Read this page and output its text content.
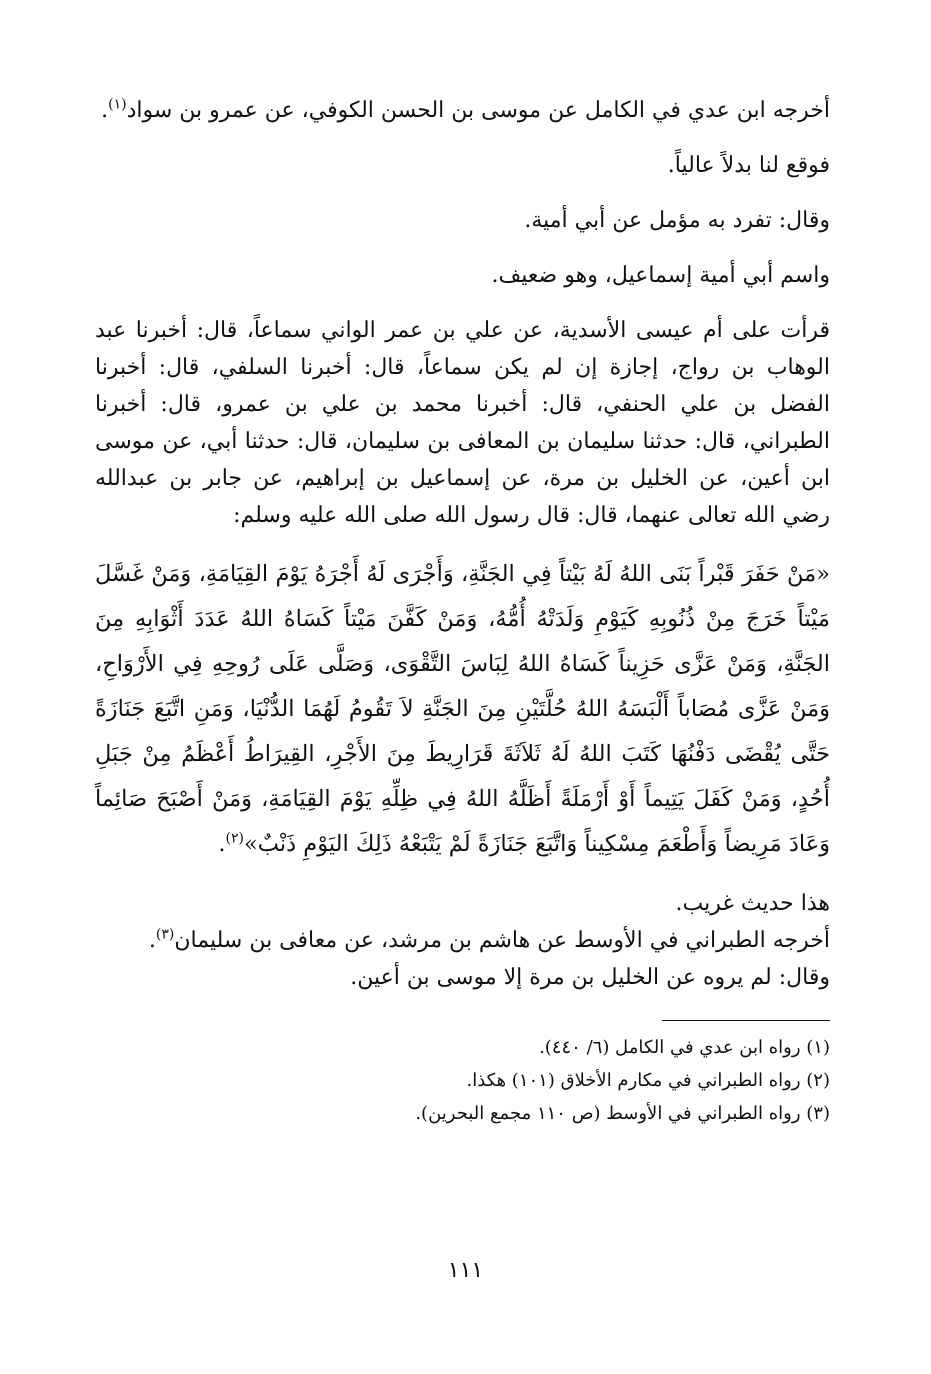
أخرجه ابن عدي في الكامل عن موسى بن الحسن الكوفي، عن عمرو بن سواد$^{(١)}$.

فوقع لنا بدلاً عالياً.

وقال: تفرد به مؤمل عن أبي أمية.

واسم أبي أمية إسماعيل، وهو ضعيف.

قرأت على أم عيسى الأسدية، عن علي بن عمر الواني سماعاً، قال: أخبرنا عبد الوهاب بن رواج، إجازة إن لم يكن سماعاً، قال: أخبرنا السلفي، قال: أخبرنا الفضل بن علي الحنفي، قال: أخبرنا محمد بن علي بن عمرو، قال: أخبرنا الطبراني، قال: حدثنا سليمان بن المعافى بن سليمان، قال: حدثنا أبي، عن موسى ابن أعين، عن الخليل بن مرة، عن إسماعيل بن إبراهيم، عن جابر بن عبدالله رضي الله تعالى عنهما، قال: قال رسول الله صلى الله عليه وسلم:

«مَنْ حَفَرَ قَبْراً بَنَى اللهُ لَهُ بَيْتاً فِي الجَنَّةِ، وَأَجْرَى لَهُ أَجْرَهُ يَوْمَ القِيَامَةِ، وَمَنْ غَسَّلَ مَيْتاً خَرَجَ مِنْ ذُنُوبِهِ كَيَوْمِ وَلَدَتْهُ أُمُّهُ، وَمَنْ كَفَّنَ مَيْتاً كَسَاهُ اللهُ عَدَدَ أَثْوَابِهِ مِنَ الجَنَّةِ، وَمَنْ عَزَّى حَزِيناً كَسَاهُ اللهُ لِبَاسَ التَّقْوَى، وَصَلَّى عَلَى رُوحِهِ فِي الأَرْوَاحِ، وَمَنْ عَزَّى مُصَاباً أَلْبَسَهُ اللهُ حُلَّتَيْنِ مِنَ الجَنَّةِ لاَ تَقُومُ لَهُمَا الدُّنْيَا، وَمَنِ اتَّبَعَ جَنَازَةً حَتَّى يُقْضَى دَفْنُهَا كَتَبَ اللهُ لَهُ ثَلاَثَةَ قَرَارِيطَ مِنَ الأَجْرِ، القِيرَاطُ أَعْظَمُ مِنْ جَبَلِ أُحُدٍ، وَمَنْ كَفَلَ يَتِيماً أَوْ أَرْمَلَةً أَظَلَّهُ اللهُ فِي ظِلِّهِ يَوْمَ القِيَامَةِ، وَمَنْ أَصْبَحَ صَائِماً وَعَادَ مَرِيضاً وَأَطْعَمَ مِسْكِيناً وَاتَّبَعَ جَنَازَةً لَمْ يَتْبَعْهُ ذَلِكَ اليَوْمِ ذَنْبٌ»$^{(٢)}$.

هذا حديث غريب.

أخرجه الطبراني في الأوسط عن هاشم بن مرشد، عن معافى بن سليمان$^{(٣)}$.

وقال: لم يروه عن الخليل بن مرة إلا موسى بن أعين.

(١) رواه ابن عدي في الكامل (٦/ ٤٤٠).

(٢) رواه الطبراني في مكارم الأخلاق (١٠١) هكذا.

(٣) رواه الطبراني في الأوسط (ص ١١٠ مجمع البحرين).

١١١
